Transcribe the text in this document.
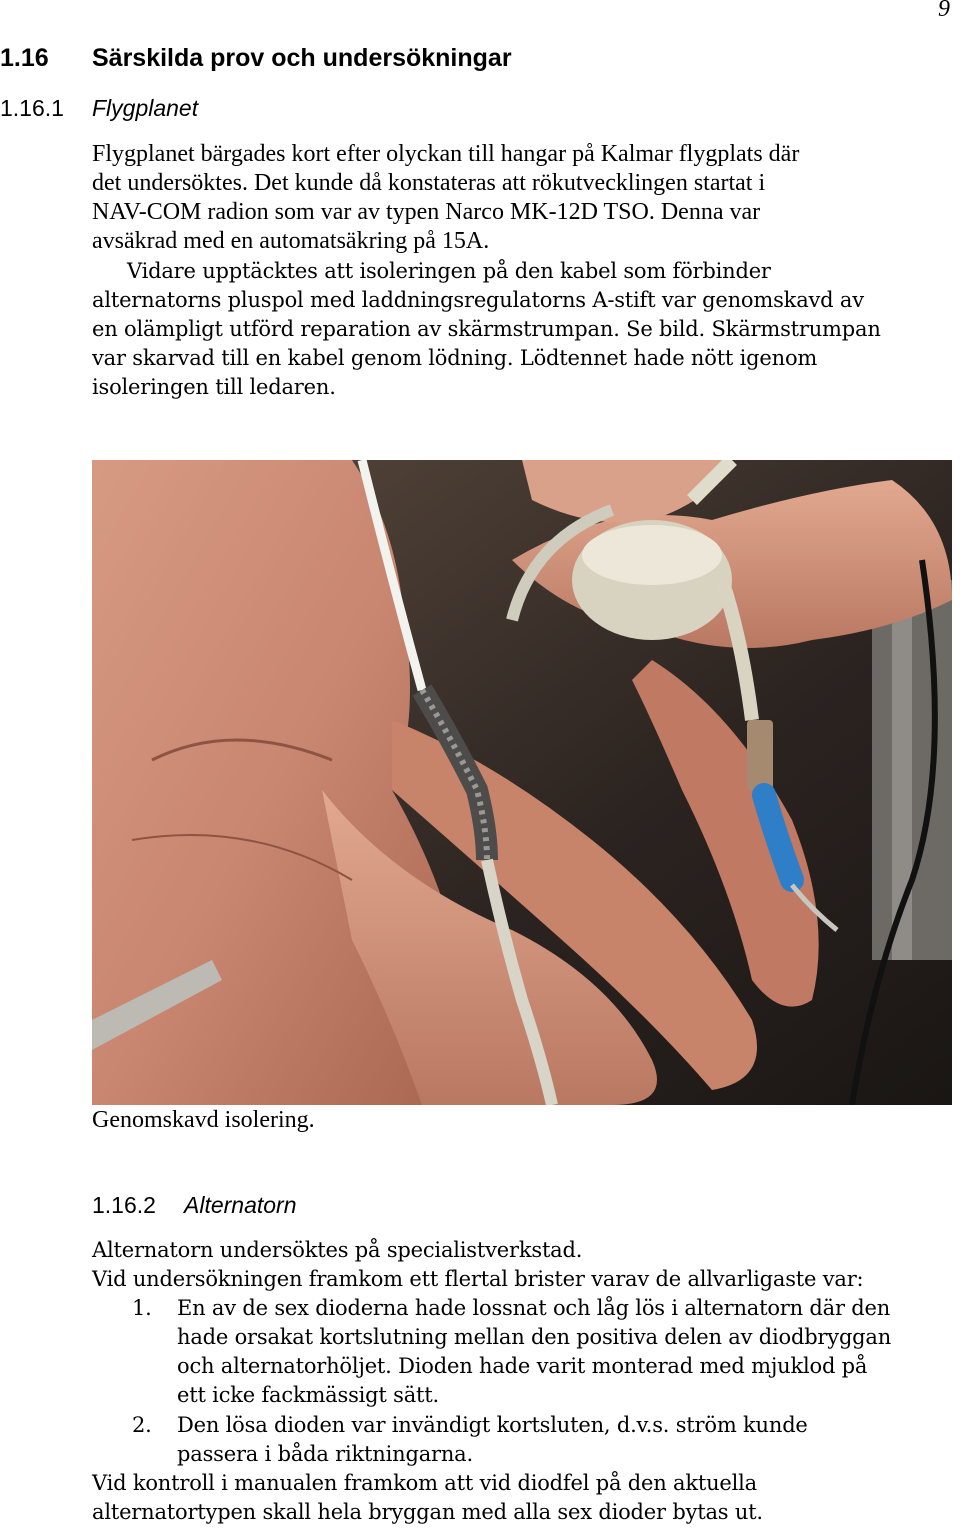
9
1.16 Särskilda prov och undersökningar
1.16.1 Flygplanet
Flygplanet bärgades kort efter olyckan till hangar på Kalmar flygplats där
det undersöktes. Det kunde då konstateras att rökutvecklingen startat i
NAV-COM radion som var av typen Narco MK-12D TSO. Denna var
avsäkrad med en automatsäkring på 15A.
Vidare upptäcktes att isoleringen på den kabel som förbinder
alternatorns pluspol med laddningsregulatorns A-stift var genomskavd av
en olämpligt utförd reparation av skärmstrumpan. Se bild. Skärmstrumpan
var skarvad till en kabel genom lödning. Lödtennet hade nött igenom
isoleringen till ledaren.
Genomskavd isolering.
1.16.2 Alternatorn
Alternatorn undersöktes på specialistverkstad.
Vid undersökningen framkom ett flertal brister varav de allvarligaste var:
1. En av de sex dioderna hade lossnat och låg lös i alternatorn där den
hade orsakat kortslutning mellan den positiva delen av diodbryggan
och alternatorhöljet. Dioden hade varit monterad med mjuklod på
ett icke fackmässigt sätt.
2. Den lösa dioden var invändigt kortsluten, d.v.s. ström kunde
passera i båda riktningarna.
Vid kontroll i manualen framkom att vid diodfel på den aktuella
alternatortypen skall hela bryggan med alla sex dioder bytas ut.
